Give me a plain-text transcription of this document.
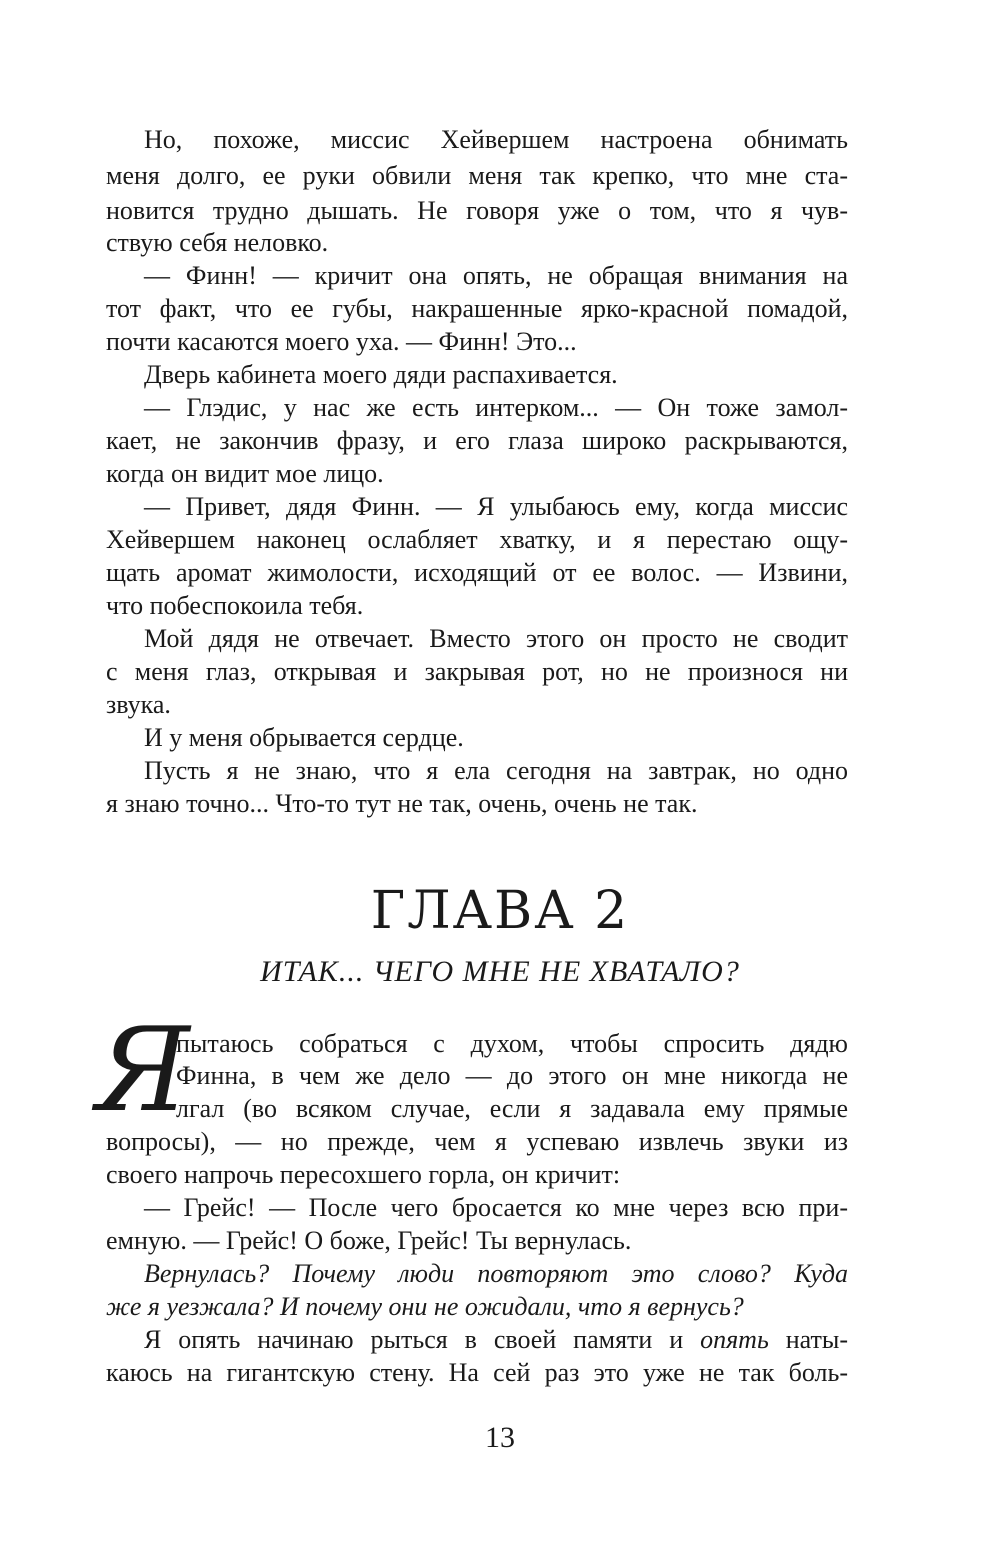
Но, похоже, миссис Хейвершем настроена обнимать
меня долго, ее руки обвили меня так крепко, что мне ста-
новится трудно дышать. Не говоря уже о том, что я чув-
ствую себя неловко.
— Финн! — кричит она опять, не обращая внимания на
тот факт, что ее губы, накрашенные ярко-красной помадой,
почти касаются моего уха. — Финн! Это...
Дверь кабинета моего дяди распахивается.
— Глэдис, у нас же есть интерком... — Он тоже замол-
кает, не закончив фразу, и его глаза широко раскрываются,
когда он видит мое лицо.
— Привет, дядя Финн. — Я улыбаюсь ему, когда миссис
Хейвершем наконец ослабляет хватку, и я перестаю ощу-
щать аромат жимолости, исходящий от ее волос. — Извини,
что побеспокоила тебя.
Мой дядя не отвечает. Вместо этого он просто не сводит
с меня глаз, открывая и закрывая рот, но не произнося ни
звука.
И у меня обрывается сердце.
Пусть я не знаю, что я ела сегодня на завтрак, но одно
я знаю точно... Что-то тут не так, очень, очень не так.
ГЛАВА 2
ИТАК... ЧЕГО МНЕ НЕ ХВАТАЛО?
Я
пытаюсь собраться с духом, чтобы спросить дядю
Финна, в чем же дело — до этого он мне никогда не
лгал (во всяком случае, если я задавала ему прямые
вопросы), — но прежде, чем я успеваю извлечь звуки из
своего напрочь пересохшего горла, он кричит:
— Грейс! — После чего бросается ко мне через всю при-
емную. — Грейс! О боже, Грейс! Ты вернулась.
Вернулась? Почему люди повторяют это слово? Куда
же я уезжала? И почему они не ожидали, что я вернусь?
Я опять начинаю рыться в своей памяти и опять наты-
каюсь на гигантскую стену. На сей раз это уже не так боль-
13
